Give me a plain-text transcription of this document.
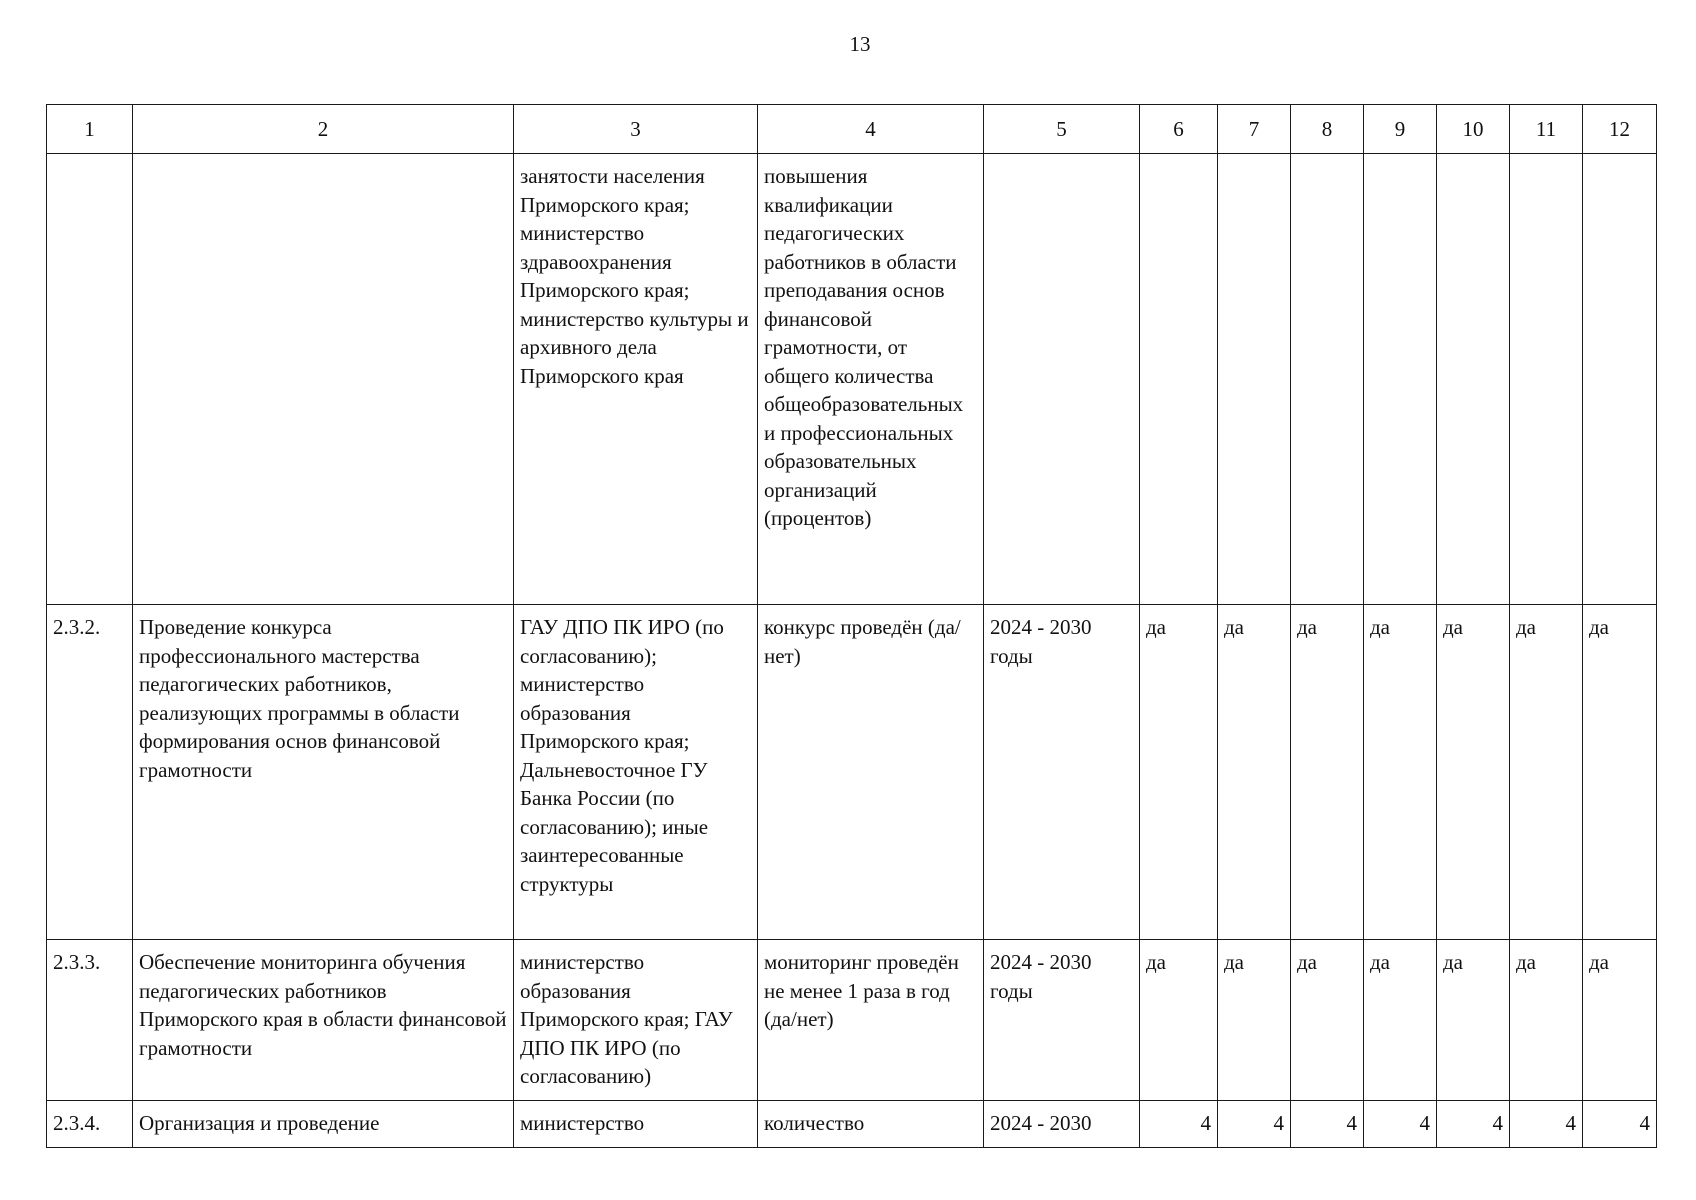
13
1	2	3	4	5	6	7	8	9	10	11	12
		занятости населения Приморского края; министерство здравоохранения Приморского края; министерство культуры и архивного дела Приморского края	повышения квалификации педагогических работников в области преподавания основ финансовой грамотности, от общего количества общеобразовательных и профессиональных образовательных организаций (процентов)								
2.3.2.	Проведение конкурса профессионального мастерства педагогических работников, реализующих программы в области формирования основ финансовой грамотности	ГАУ ДПО ПК ИРО (по согласованию); министерство образования Приморского края; Дальневосточное ГУ Банка России (по согласованию); иные заинтересованные структуры	конкурс проведён (да/нет)	2024 - 2030 годы	да	да	да	да	да	да	да
2.3.3.	Обеспечение мониторинга обучения педагогических работников Приморского края в области финансовой грамотности	министерство образования Приморского края; ГАУ ДПО ПК ИРО (по согласованию)	мониторинг проведён не менее 1 раза в год (да/нет)	2024 - 2030 годы	да	да	да	да	да	да	да
2.3.4.	Организация и проведение	министерство	количество	2024 - 2030	4	4	4	4	4	4	4
